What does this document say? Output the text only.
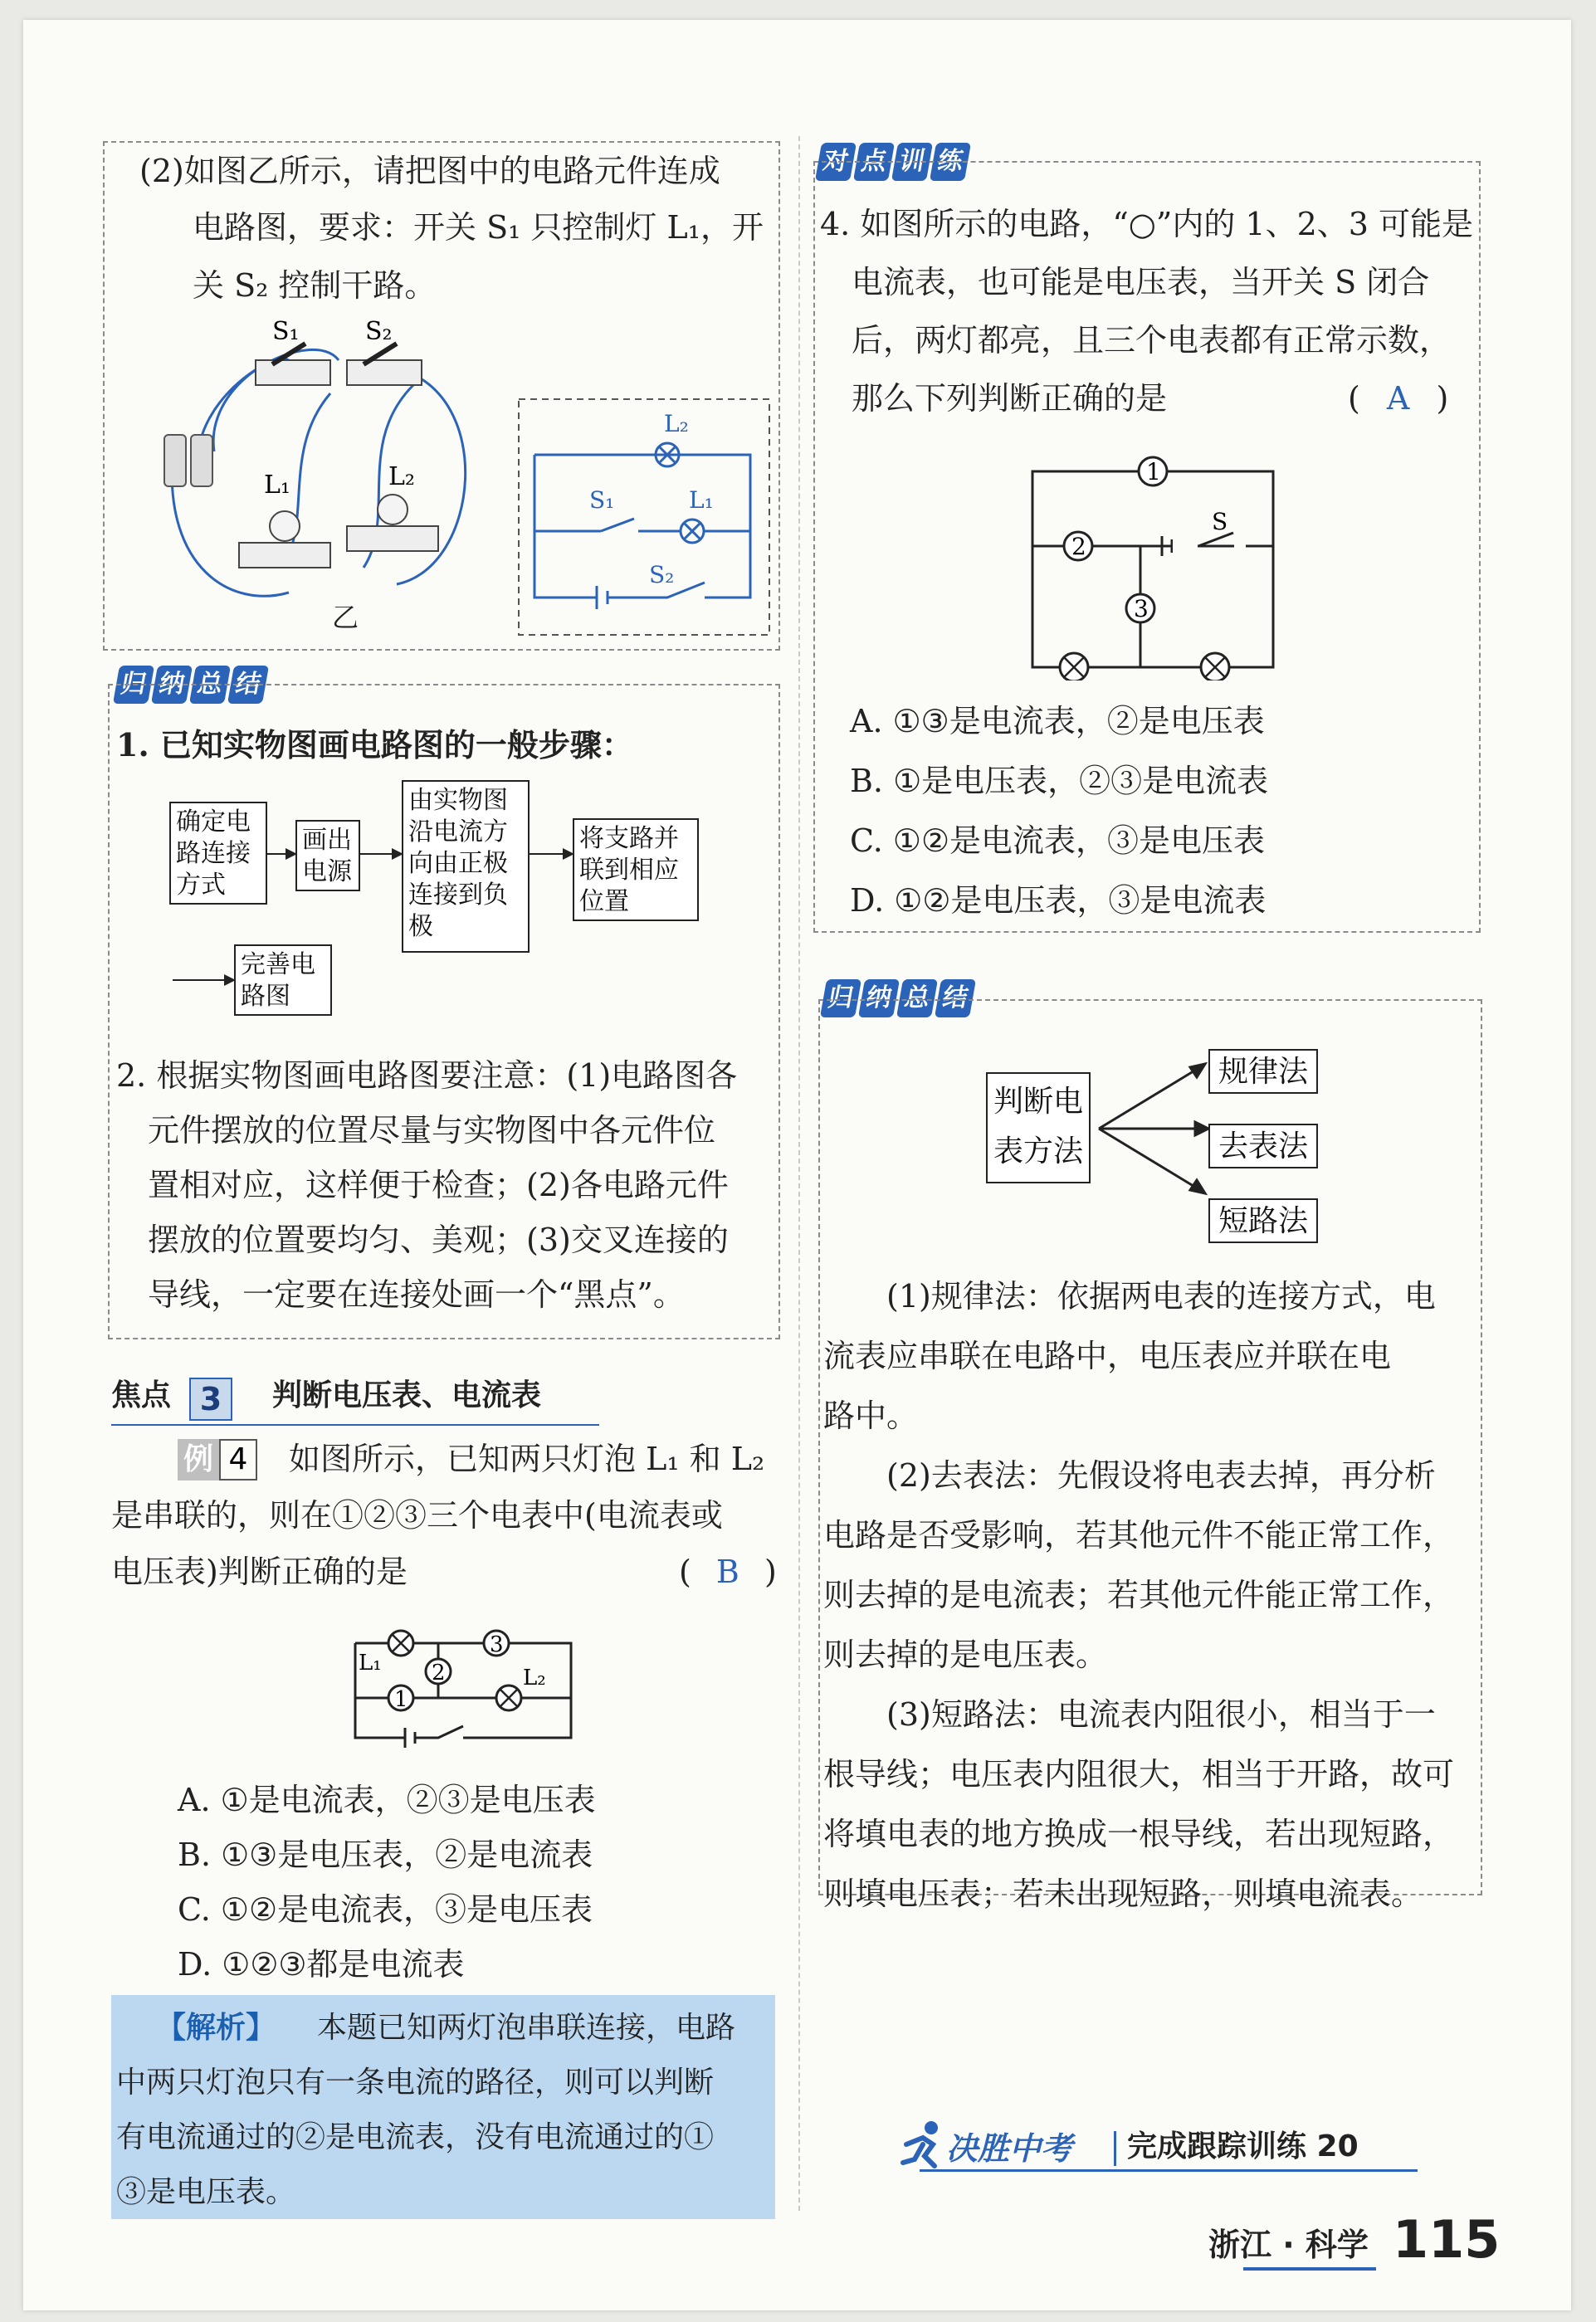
(2)如图乙所示，请把图中的电路元件连成
电路图，要求：开关 S₁ 只控制灯 L₁，开
关 S₂ 控制干路。
S₁	S₂
L₁	L₂
乙
L₂
S₁	L₁
S₂
归 纳 总 结
1. 已知实物图画电路图的一般步骤：
确定电路连接方式
画出电源
由实物图沿电流方向由正极连接到负极
将支路并联到相应位置
完善电路图
2. 根据实物图画电路图要注意：(1)电路图各
元件摆放的位置尽量与实物图中各元件位
置相对应，这样便于检查；(2)各电路元件
摆放的位置要均匀、美观；(3)交叉连接的
导线，一定要在连接处画一个“黑点”。
焦点 3	判断电压表、电流表
例 4	如图所示，已知两只灯泡 L₁ 和 L₂
是串联的，则在①②③三个电表中(电流表或
电压表)判断正确的是	( B )
3
2
1
L₁
L₂
A. ①是电流表，②③是电压表
B. ①③是电压表，②是电流表
C. ①②是电流表，③是电压表
D. ①②③都是电流表
【解析】 本题已知两灯泡串联连接，电路
中两只灯泡只有一条电流的路径，则可以判断
有电流通过的②是电流表，没有电流通过的①
③是电压表。
对 点 训 练
4. 如图所示的电路，“○”内的 1、2、3 可能是
电流表，也可能是电压表，当开关 S 闭合
后，两灯都亮，且三个电表都有正常示数，
那么下列判断正确的是	( A )
1
2
3
S
A. ①③是电流表，②是电压表
B. ①是电压表，②③是电流表
C. ①②是电流表，③是电压表
D. ①②是电压表，③是电流表
归 纳 总 结
判断电表方法
规律法
去表法
短路法
(1)规律法：依据两电表的连接方式，电
流表应串联在电路中，电压表应并联在电
路中。
(2)去表法：先假设将电表去掉，再分析
电路是否受影响，若其他元件不能正常工作，
则去掉的是电流表；若其他元件能正常工作，
则去掉的是电压表。
(3)短路法：电流表内阻很小，相当于一
根导线；电压表内阻很大，相当于开路，故可
将填电表的地方换成一根导线，若出现短路，
则填电压表；若未出现短路，则填电流表。
决胜中考 完成跟踪训练 20
浙江 · 科学 115
